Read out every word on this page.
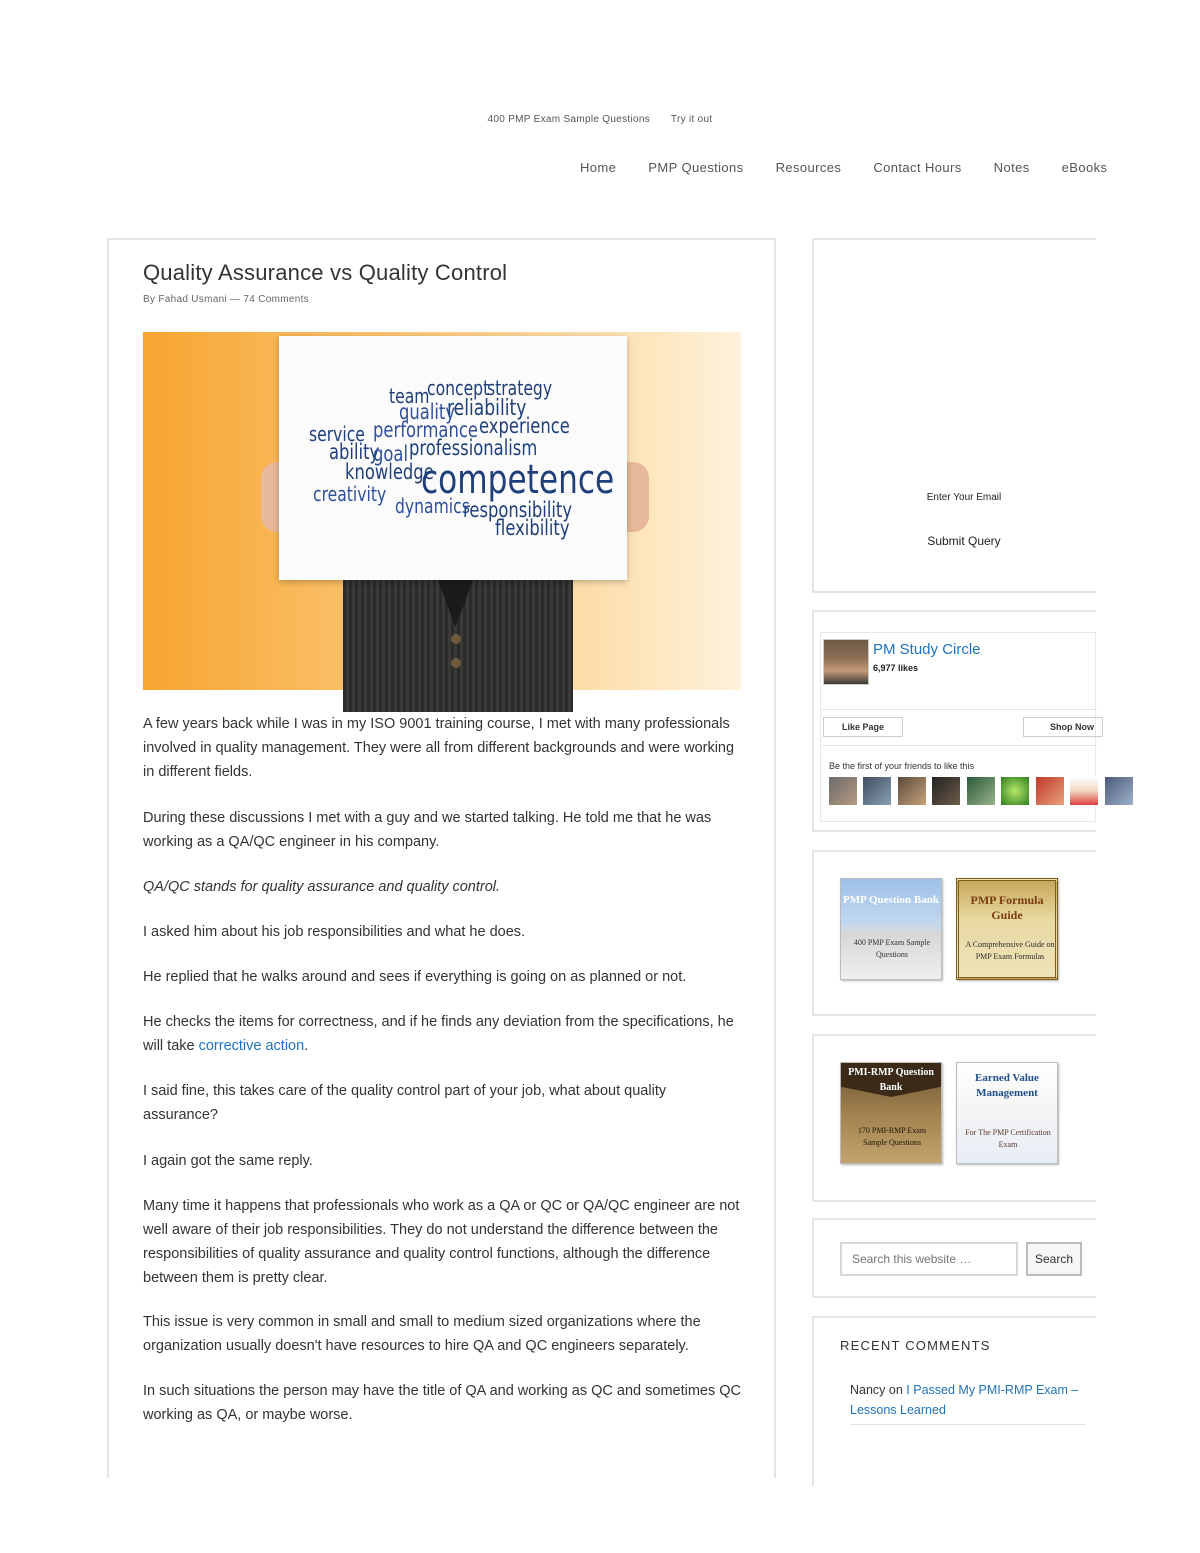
400 PMP Exam Sample Questions Try it out
Home PMP Questions Resources Contact Hours Notes eBooks
Quality Assurance vs Quality Control
By Fahad Usmani — 74 Comments
team
concept
strategy
quality
reliability
service performance experience
ability
goal professionalism
knowledge
competence
creativity dynamics
responsibility
flexibility

A few years back while I was in my ISO 9001 training course, I met with many professionals involved in quality management. They were all from different backgrounds and were working in different fields.

During these discussions I met with a guy and we started talking. He told me that he was working as a QA/QC engineer in his company.

QA/QC stands for quality assurance and quality control.

I asked him about his job responsibilities and what he does.

He replied that he walks around and sees if everything is going on as planned or not.

He checks the items for correctness, and if he finds any deviation from the specifications, he will take corrective action.

I said fine, this takes care of the quality control part of your job, what about quality assurance?

I again got the same reply.

Many time it happens that professionals who work as a QA or QC or QA/QC engineer are not well aware of their job responsibilities. They do not understand the difference between the responsibilities of quality assurance and quality control functions, although the difference between them is pretty clear.

This issue is very common in small and small to medium sized organizations where the organization usually doesn't have resources to hire QA and QC engineers separately.

In such situations the person may have the title of QA and working as QC and sometimes QC working as QA, or maybe worse.

Enter Your Email
Submit Query
PM Study Circle
6,977 likes
Like Page	Shop Now
Be the first of your friends to like this

PMP Question Bank
400 PMP Exam Sample Questions
PMP Formula Guide
A Comprehensive Guide on PMP Exam Formulas
PMI-RMP Question Bank
170 PMI-RMP Exam Sample Questions
Earned Value Management
For The PMP Certification Exam
Search this website …
Search
RECENT COMMENTS
Nancy on I Passed My PMI-RMP Exam – Lessons Learned
